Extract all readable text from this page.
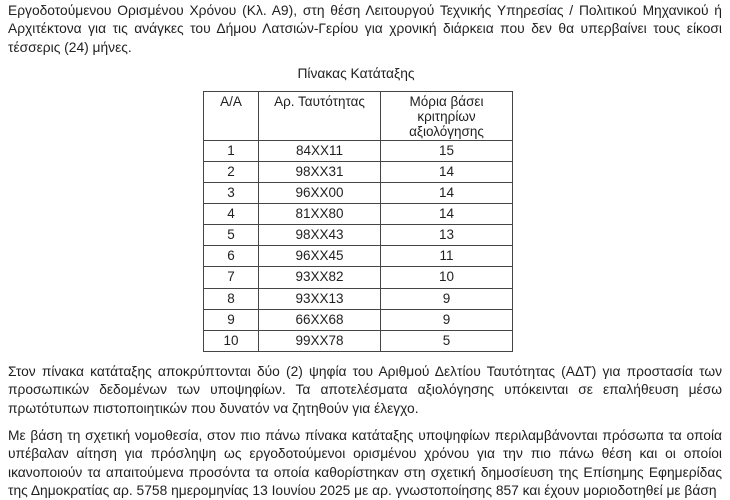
Εργοδοτούμενου Ορισμένου Χρόνου (Κλ. Α9), στη θέση Λειτουργού Τεχνικής Υπηρεσίας / Πολιτικού Μηχανικού ή Αρχιτέκτονα για τις ανάγκες του Δήμου Λατσιών-Γερίου για χρονική διάρκεια που δεν θα υπερβαίνει τους είκοσι τέσσερις (24) μήνες.

Πίνακας Κατάταξης
Α/Α	Αρ. Ταυτότητας	Μόρια βάσει κριτηρίων αξιολόγησης
1	84XX11	15
2	98XX31	14
3	96XX00	14
4	81XX80	14
5	98XX43	13
6	96XX45	11
7	93XX82	10
8	93XX13	9
9	66XX68	9
10	99XX78	5

Στον πίνακα κατάταξης αποκρύπτονται δύο (2) ψηφία του Αριθμού Δελτίου Ταυτότητας (ΑΔΤ) για προστασία των προσωπικών δεδομένων των υποψηφίων. Τα αποτελέσματα αξιολόγησης υπόκεινται σε επαλήθευση μέσω πρωτότυπων πιστοποιητικών που δυνατόν να ζητηθούν για έλεγχο.

Με βάση τη σχετική νομοθεσία, στον πιο πάνω πίνακα κατάταξης υποψηφίων περιλαμβάνονται πρόσωπα τα οποία υπέβαλαν αίτηση για πρόσληψη ως εργοδοτούμενοι ορισμένου χρόνου για την πιο πάνω θέση και οι οποίοι ικανοποιούν τα απαιτούμενα προσόντα τα οποία καθορίστηκαν στη σχετική δημοσίευση της Επίσημης Εφημερίδας της Δημοκρατίας αρ. 5758 ημερομηνίας 13 Ιουνίου 2025 με αρ. γνωστοποίησης 857 και έχουν μοριοδοτηθεί με βάση
